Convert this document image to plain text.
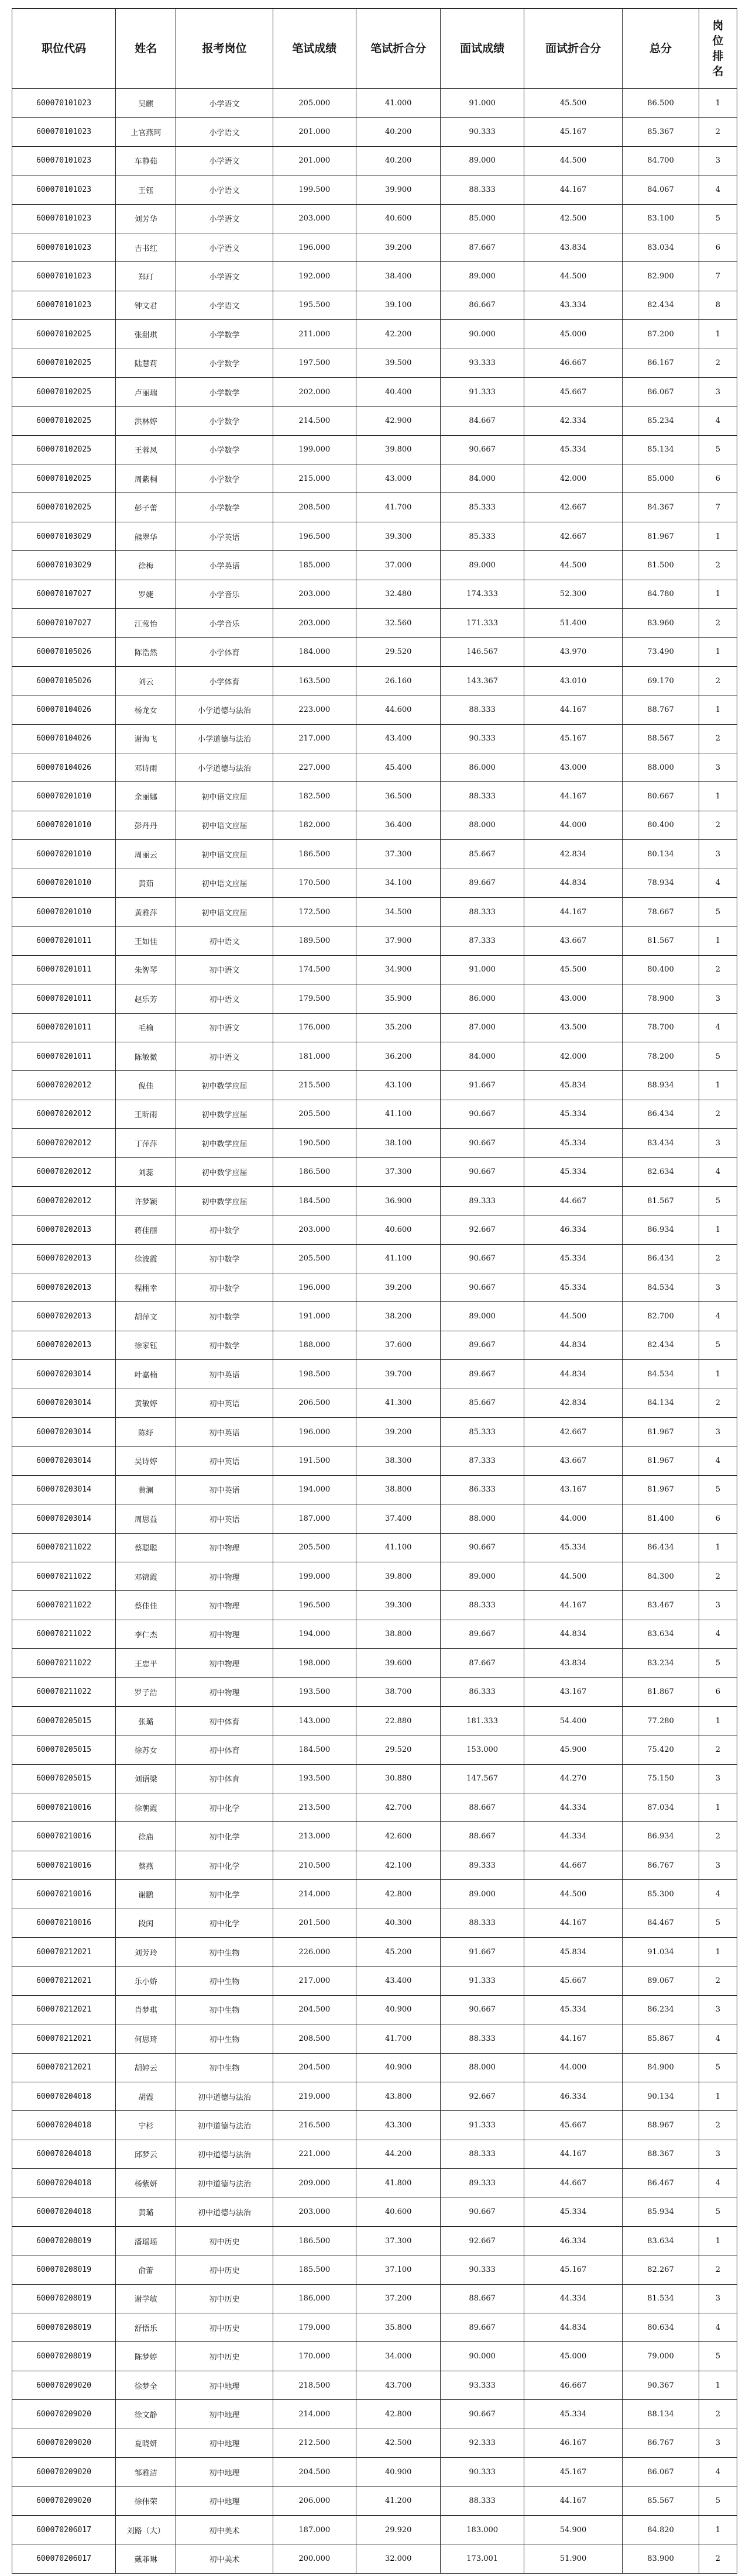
职位代码	姓名	报考岗位	笔试成绩	笔试折合分	面试成绩	面试折合分	总分	岗
位
排
名

600070101023	吴麒	小学语文	205.000	41.000	91.000	45.500	86.500	1
600070101023	上官燕珂	小学语文	201.000	40.200	90.333	45.167	85.367	2
600070101023	车静茹	小学语文	201.000	40.200	89.000	44.500	84.700	3
600070101023	王钰	小学语文	199.500	39.900	88.333	44.167	84.067	4
600070101023	刘芳华	小学语文	203.000	40.600	85.000	42.500	83.100	5
600070101023	吉书红	小学语文	196.000	39.200	87.667	43.834	83.034	6
600070101023	郑玎	小学语文	192.000	38.400	89.000	44.500	82.900	7
600070101023	钟文君	小学语文	195.500	39.100	86.667	43.334	82.434	8
600070102025	张甜琪	小学数学	211.000	42.200	90.000	45.000	87.200	1
600070102025	陆慧莉	小学数学	197.500	39.500	93.333	46.667	86.167	2
600070102025	卢丽瑞	小学数学	202.000	40.400	91.333	45.667	86.067	3
600070102025	洪林婷	小学数学	214.500	42.900	84.667	42.334	85.234	4
600070102025	王蓉凤	小学数学	199.000	39.800	90.667	45.334	85.134	5
600070102025	周紫桐	小学数学	215.000	43.000	84.000	42.000	85.000	6
600070102025	彭子蕾	小学数学	208.500	41.700	85.333	42.667	84.367	7
600070103029	熊翠华	小学英语	196.500	39.300	85.333	42.667	81.967	1
600070103029	徐梅	小学英语	185.000	37.000	89.000	44.500	81.500	2
600070107027	罗婕	小学音乐	203.000	32.480	174.333	52.300	84.780	1
600070107027	江莺怡	小学音乐	203.000	32.560	171.333	51.400	83.960	2
600070105026	陈浩然	小学体育	184.000	29.520	146.567	43.970	73.490	1
600070105026	刘云	小学体育	163.500	26.160	143.367	43.010	69.170	2
600070104026	杨龙女	小学道德与法治	223.000	44.600	88.333	44.167	88.767	1
600070104026	谢海飞	小学道德与法治	217.000	43.400	90.333	45.167	88.567	2
600070104026	邓诗雨	小学道德与法治	227.000	45.400	86.000	43.000	88.000	3
600070201010	余丽娜	初中语文应届	182.500	36.500	88.333	44.167	80.667	1
600070201010	彭丹丹	初中语文应届	182.000	36.400	88.000	44.000	80.400	2
600070201010	周丽云	初中语文应届	186.500	37.300	85.667	42.834	80.134	3
600070201010	黄茹	初中语文应届	170.500	34.100	89.667	44.834	78.934	4
600070201010	黄雅萍	初中语文应届	172.500	34.500	88.333	44.167	78.667	5
600070201011	王如佳	初中语文	189.500	37.900	87.333	43.667	81.567	1
600070201011	朱智琴	初中语文	174.500	34.900	91.000	45.500	80.400	2
600070201011	赵乐芳	初中语文	179.500	35.900	86.000	43.000	78.900	3
600070201011	毛榆	初中语文	176.000	35.200	87.000	43.500	78.700	4
600070201011	陈敏微	初中语文	181.000	36.200	84.000	42.000	78.200	5
600070202012	倪佳	初中数学应届	215.500	43.100	91.667	45.834	88.934	1
600070202012	王昕雨	初中数学应届	205.500	41.100	90.667	45.334	86.434	2
600070202012	丁萍萍	初中数学应届	190.500	38.100	90.667	45.334	83.434	3
600070202012	刘蕊	初中数学应届	186.500	37.300	90.667	45.334	82.634	4
600070202012	许梦颖	初中数学应届	184.500	36.900	89.333	44.667	81.567	5
600070202013	蒋佳丽	初中数学	203.000	40.600	92.667	46.334	86.934	1
600070202013	徐波霞	初中数学	205.500	41.100	90.667	45.334	86.434	2
600070202013	程栩幸	初中数学	196.000	39.200	90.667	45.334	84.534	3
600070202013	胡萍文	初中数学	191.000	38.200	89.000	44.500	82.700	4
600070202013	徐家钰	初中数学	188.000	37.600	89.667	44.834	82.434	5
600070203014	叶嘉楠	初中英语	198.500	39.700	89.667	44.834	84.534	1
600070203014	黄敏婷	初中英语	206.500	41.300	85.667	42.834	84.134	2
600070203014	陈纾	初中英语	196.000	39.200	85.333	42.667	81.967	3
600070203014	吴诗婷	初中英语	191.500	38.300	87.333	43.667	81.967	4
600070203014	黄澜	初中英语	194.000	38.800	86.333	43.167	81.967	5
600070203014	周思益	初中英语	187.000	37.400	88.000	44.000	81.400	6
600070211022	蔡聪聪	初中物理	205.500	41.100	90.667	45.334	86.434	1
600070211022	邓锦霞	初中物理	199.000	39.800	89.000	44.500	84.300	2
600070211022	蔡佳佳	初中物理	196.500	39.300	88.333	44.167	83.467	3
600070211022	李仁杰	初中物理	194.000	38.800	89.667	44.834	83.634	4
600070211022	王忠平	初中物理	198.000	39.600	87.667	43.834	83.234	5
600070211022	罗子浩	初中物理	193.500	38.700	86.333	43.167	81.867	6
600070205015	张璐	初中体育	143.000	22.880	181.333	54.400	77.280	1
600070205015	徐苏女	初中体育	184.500	29.520	153.000	45.900	75.420	2
600070205015	刘语梁	初中体育	193.500	30.880	147.567	44.270	75.150	3
600070210016	徐朝霞	初中化学	213.500	42.700	88.667	44.334	87.034	1
600070210016	徐庙	初中化学	213.000	42.600	88.667	44.334	86.934	2
600070210016	蔡燕	初中化学	210.500	42.100	89.333	44.667	86.767	3
600070210016	谢鹏	初中化学	214.000	42.800	89.000	44.500	85.300	4
600070210016	段闰	初中化学	201.500	40.300	88.333	44.167	84.467	5
600070212021	刘芳玲	初中生物	226.000	45.200	91.667	45.834	91.034	1
600070212021	乐小娇	初中生物	217.000	43.400	91.333	45.667	89.067	2
600070212021	肖梦琪	初中生物	204.500	40.900	90.667	45.334	86.234	3
600070212021	何思琦	初中生物	208.500	41.700	88.333	44.167	85.867	4
600070212021	胡婷云	初中生物	204.500	40.900	88.000	44.000	84.900	5
600070204018	胡霞	初中道德与法治	219.000	43.800	92.667	46.334	90.134	1
600070204018	宁杉	初中道德与法治	216.500	43.300	91.333	45.667	88.967	2
600070204018	邱梦云	初中道德与法治	221.000	44.200	88.333	44.167	88.367	3
600070204018	杨紫妍	初中道德与法治	209.000	41.800	89.333	44.667	86.467	4
600070204018	黄璐	初中道德与法治	203.000	40.600	90.667	45.334	85.934	5
600070208019	潘瑶瑶	初中历史	186.500	37.300	92.667	46.334	83.634	1
600070208019	俞蕾	初中历史	185.500	37.100	90.333	45.167	82.267	2
600070208019	谢学敏	初中历史	186.000	37.200	88.667	44.334	81.534	3
600070208019	舒悟乐	初中历史	179.000	35.800	89.667	44.834	80.634	4
600070208019	陈梦婷	初中历史	170.000	34.000	90.000	45.000	79.000	5
600070209020	徐梦全	初中地理	218.500	43.700	93.333	46.667	90.367	1
600070209020	徐文静	初中地理	214.000	42.800	90.667	45.334	88.134	2
600070209020	夏晓妍	初中地理	212.500	42.500	92.333	46.167	86.767	3
600070209020	邹雅洁	初中地理	204.500	40.900	90.333	45.167	86.067	4
600070209020	徐伟荣	初中地理	206.000	41.200	88.333	44.167	85.567	5
600070206017	刘路（大）	初中美术	187.000	29.920	183.000	54.900	84.820	1
600070206017	戴菲琳	初中美术	200.000	32.000	173.001	51.900	83.900	2
